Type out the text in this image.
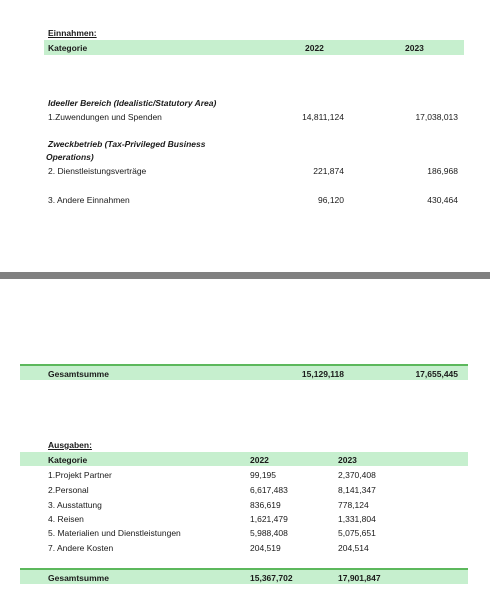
Einnahmen:
Kategorie	2022	2023
Ideeller Bereich (Idealistic/Statutory Area)
1.Zuwendungen und Spenden	14,811,124	17,038,013
Zweckbetrieb (Tax-Privileged Business
Operations)
2. Dienstleistungsverträge	221,874	186,968
3. Andere Einnahmen	96,120	430,464
Gesamtsumme	15,129,118	17,655,445
Ausgaben:
Kategorie	2022	2023
1.Projekt Partner	99,195	2,370,408
2.Personal	6,617,483	8,141,347
3. Ausstattung	836,619	778,124
4. Reisen	1,621,479	1,331,804
5. Materialien und Dienstleistungen	5,988,408	5,075,651
7. Andere Kosten	204,519	204,514
Gesamtsumme	15,367,702	17,901,847
